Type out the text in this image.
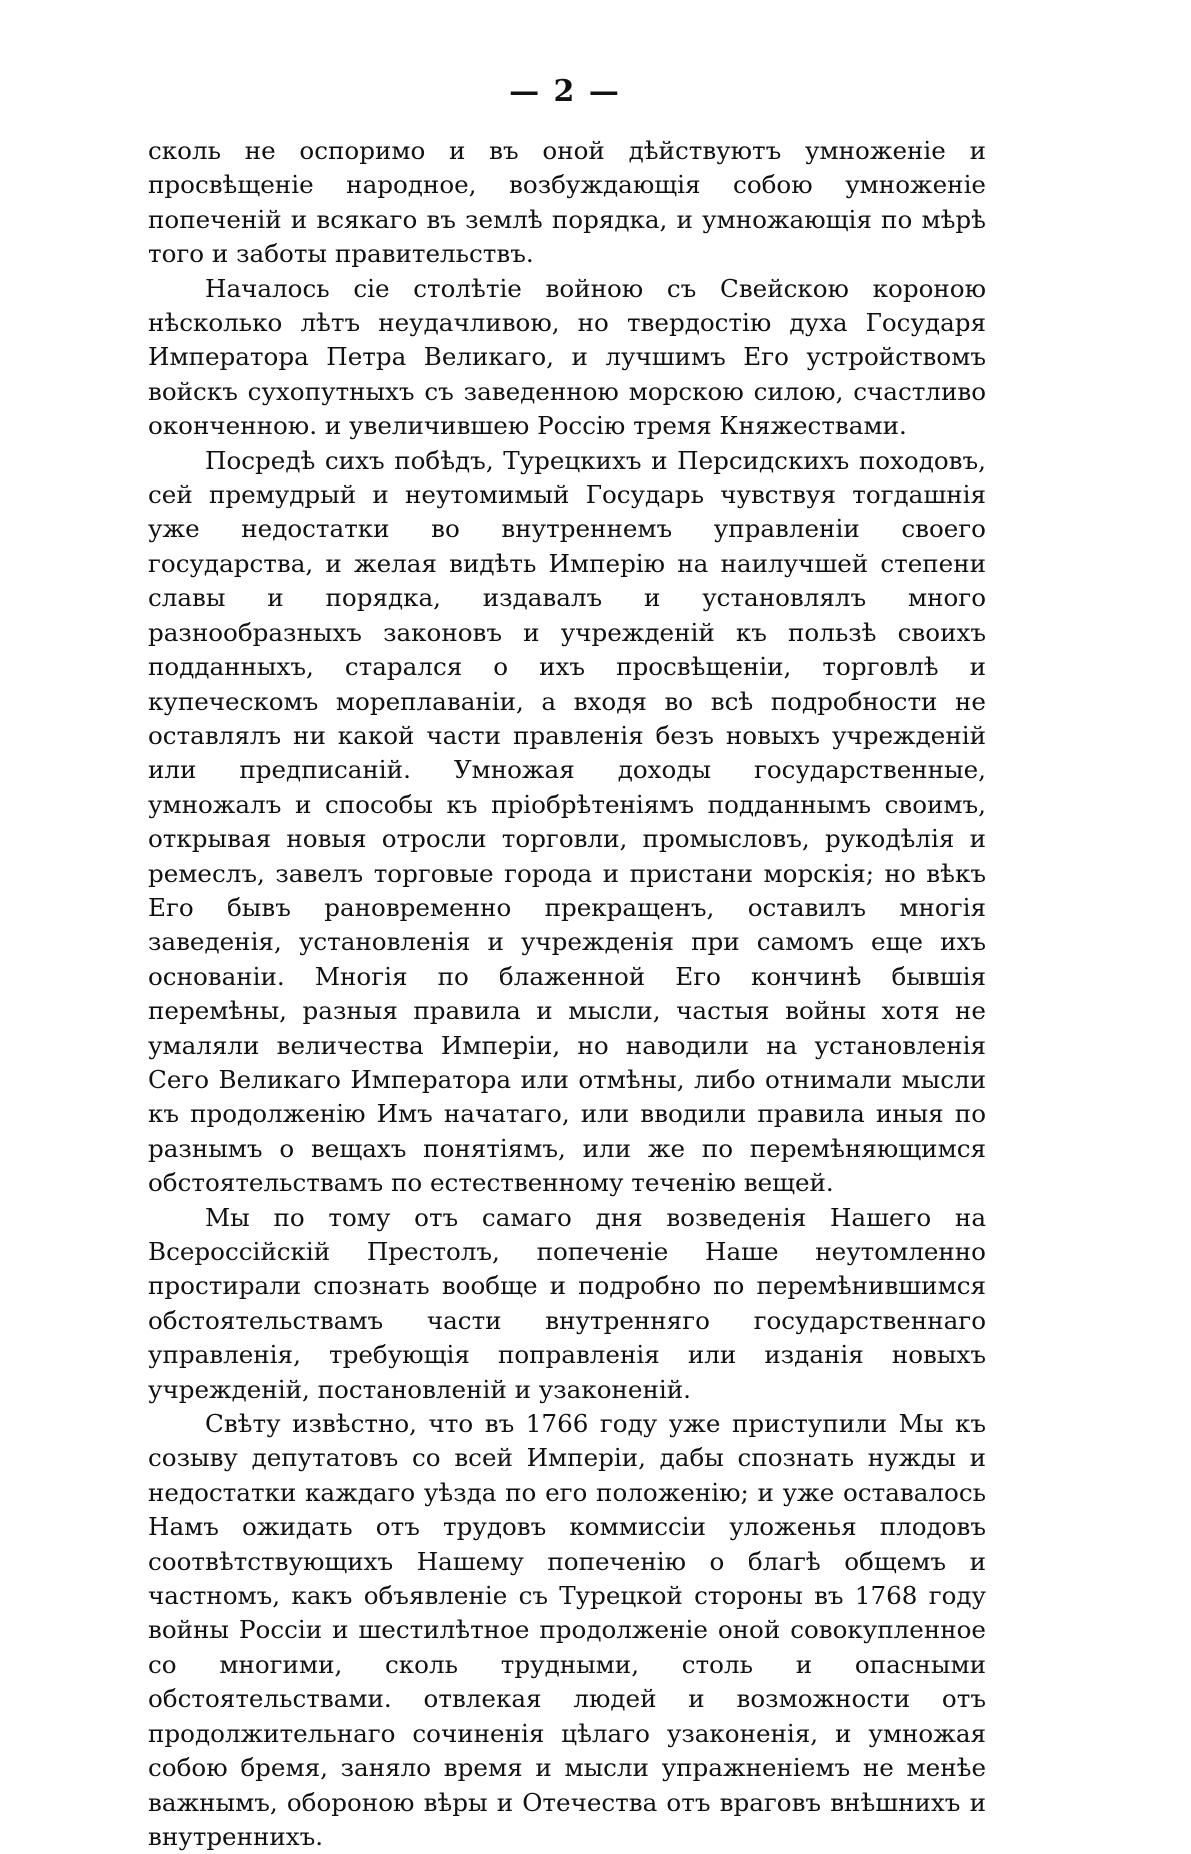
— 2 —

сколь не оспоримо и въ оной дѣйствуютъ умноженіе и просвѣщеніе народное, возбуждающія собою умноженіе попеченій и всякаго въ землѣ порядка, и умножающія по мѣрѣ того и заботы правительствъ.

Началось сіе столѣтіе войною съ Свейскою короною нѣсколько лѣтъ неудачливою, но твердостію духа Государя Императора Петра Великаго, и лучшимъ Его устройствомъ войскъ сухопутныхъ съ заведенною морскою силою, счастливо оконченною. и увеличившею Россію тремя Княжествами.

Посредѣ сихъ побѣдъ, Турецкихъ и Персидскихъ походовъ, сей премудрый и неутомимый Государь чувствуя тогдашнія уже недостатки во внутреннемъ управленіи своего государства, и желая видѣть Имперію на наилучшей степени славы и порядка, издавалъ и установлялъ много разнообразныхъ законовъ и учрежденій къ пользѣ своихъ подданныхъ, старался о ихъ просвѣщеніи, торговлѣ и купеческомъ мореплаваніи, а входя во всѣ подробности не оставлялъ ни какой части правленія безъ новыхъ учрежденій или предписаній. Умножая доходы государственные, умножалъ и способы къ пріобрѣтеніямъ подданнымъ своимъ, открывая новыя отросли торговли, промысловъ, рукодѣлія и ремеслъ, завелъ торговые города и пристани морскія; но вѣкъ Его бывъ рановременно прекращенъ, оставилъ многія заведенія, установленія и учрежденія при самомъ еще ихъ основаніи. Многія по блаженной Его кончинѣ бывшія перемѣны, разныя правила и мысли, частыя войны хотя не умаляли величества Имперіи, но наводили на установленія Сего Великаго Императора или отмѣны, либо отнимали мысли къ продолженію Имъ начатаго, или вводили правила иныя по разнымъ о вещахъ понятіямъ, или же по перемѣняющимся обстоятельствамъ по естественному теченію вещей.

Мы по тому отъ самаго дня возведенія Нашего на Всероссійскій Престолъ, попеченіе Наше неутомленно простирали спознать вообще и подробно по перемѣнившимся обстоятельствамъ части внутренняго государственнаго управленія, требующія поправленія или изданія новыхъ учрежденій, постановленій и узаконеній.

Свѣту извѣстно, что въ 1766 году уже приступили Мы къ созыву депутатовъ со всей Имперіи, дабы спознать нужды и недостатки каждаго уѣзда по его положенію; и уже оставалось Намъ ожидать отъ трудовъ коммиссіи уложенья плодовъ соотвѣтствующихъ Нашему попеченію о благѣ общемъ и частномъ, какъ объявленіе съ Турецкой стороны въ 1768 году войны Россіи и шестилѣтное продолженіе оной совокупленное со многими, сколь трудными, столь и опасными обстоятельствами. отвлекая людей и возможности отъ продолжительнаго сочиненія цѣлаго узаконенія, и умножая собою бремя, заняло время и мысли упражненіемъ не менѣе важнымъ, обороною вѣры и Отечества отъ враговъ внѣшнихъ и внутреннихъ.
